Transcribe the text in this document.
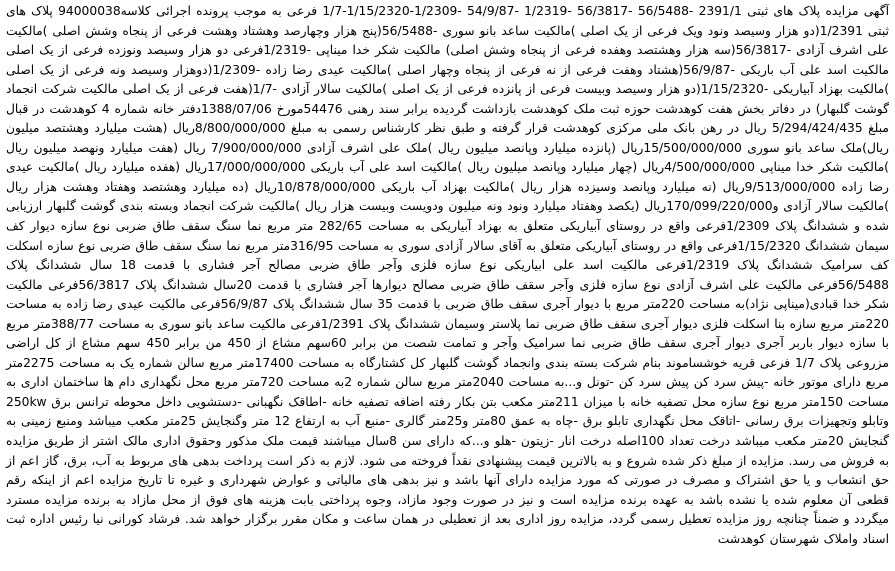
آگهی مزایده پلاک های ثبتی 2391/1 -56/5488 -56/3817 -1/2319 -54/9/87 -1/2309-1/15/2320-1/7 فرعی به موجب پرونده اجرائی کلاسه94000038 پلاک های ثبتی 1/2391(دو هزار وسیصد ونود ویک فرعی از یک اصلی )مالکیت ساعد بانو سوری -56/5488(پنج هزار وچهارصد وهشتاد وهشت فرعی از پنجاه وشش اصلی )مالکیت علی اشرف آزادی -56/3817(سه هزار وهشتصد وهفده فرعی از پنجاه وشش اصلی) مالکیت شکر خدا میناپی -1/2319فرعی دو هزار وسیصد ونوزده فرعی از یک اصلی مالکیت اسد علی آب باریکی -56/9/87(هشتاد وهفت فرعی از نه فرعی از پنجاه وچهار اصلی )مالکیت عیدی رضا زاده -1/2309(دوهزار وسیصد ونه فرعی از یک اصلی )مالکیت بهزاد آبیاریکی -1/15/2320(دو هزار وسیصد وبیست فرعی از پانزده فرعی از یک اصلی )مالکیت سالار آزادی -1/7(هفت فرعی از یک اصلی مالکیت شرکت انجماد گوشت گلبهار) در دفاتر بخش هفت کوهدشت حوزه ثبت ملک کوهدشت بازداشت گردیده برابر سند رهنی 54476مورخ 1388/07/06دفتر خانه شماره 4 کوهدشت در قبال مبلغ 5/294/424/435 ریال در رهن بانک ملی مرکزی کوهدشت قرار گرفته و طبق نظر کارشناس رسمی به مبلغ 8/800/000/000ریال (هشت میلیارد وهشتصد میلیون ریال)ملک ساعد بانو سوری 15/500/000/000ریال (پانزده میلیارد وپانصد میلیون ریال )ملک علی اشرف آزادی 7/900/000/000 ریال (هفت میلیارد ونهصد میلیون ریال )مالکیت شکر خدا میناپی 4/500/000/000ریال (چهار میلیارد وپانصد میلیون ریال )مالکیت اسد علی آب باریکی 17/000/000/000ریال (هفده میلیارد ریال )مالکیت عیدی رضا زاده 9/513/000/000ریال (نه میلیارد وپانصد وسیزده هزار ریال )مالکیت بهزاد آب باریکی 10/878/000/000ریال (ده میلیارد وهشتصد وهفتاد وهشت هزار ریال )مالکیت سالار آزادی و170/099/220/000ریال (یکصد وهفتاد میلیارد ونود ونه میلیون ودویست وبیست هزار ریال )مالکیت شرکت انجماد وبسته بندی گوشت گلبهار ارزیابی شده و ششدانگ پلاک 1/2309فرعی واقع در روستای آبیاریکی متعلق به بهزاد آبیاریکی به مساحت 282/65 متر مربع نما سنگ سقف طاق ضربی نوع سازه دیوار کف سیمان ششدانگ 1/15/2320فرعی واقع در روستای آبیاریکی متعلق به آقای سالار آزادی سوری به مساحت 316/95متر مربع نما سنگ سقف طاق ضربی نوع سازه اسکلت کف سرامیک ششدانگ پلاک 1/2319فرعی مالکیت اسد علی ابیاریکی نوع سازه فلزی وآجر طاق ضربی مصالح آجر فشاری با قدمت 18 سال ششدانگ پلاک 56/5488فرعی مالکیت علی اشرف آزادی نوع سازه فلزی وآجر سقف طاق ضربی مصالح دیوارها آجر فشاری با قدمت 20سال ششدانگ پلاک 56/3817فرعی مالکیت شکر خدا قبادی(میناپی نژاد)به مساحت 220متر مربع با دیوار آجری سقف طاق ضربی با قدمت 35 سال ششدانگ پلاک 56/9/87فرعی مالکیت عیدی رضا زاده به مساحت 220متر مربع سازه بنا اسکلت فلزی دیوار آجری سقف طاق ضربی نما پلاستر وسیمان ششدانگ پلاک 1/2391فرعی مالکیت ساعد بانو سوری به مساحت 388/77متر مربع با سازه دیوار باربر آجری دیوار آجری سقف طاق ضربی نما سرامیک وآجر و تمامت شصت من برابر 60سهم مشاع از 450 من برابر 450 سهم مشاع از کل اراضی مزروعی پلاک 1/7 فرعی قریه خوشساموند بنام شرکت بسته بندی وانجماد گوشت گلبهار کل کشتارگاه به مساحت 17400متر مربع سالن شماره یک به مساحت 2275متر مربع دارای موتور خانه -پیش سرد کن پیش سرد کن -تونل و...به مساحت 2040متر مربع سالن شماره 2به مساحت 720متر مربع محل نگهداری دام ها ساختمان اداری به مساحت 150متر مربع نوع سازه محل تصفیه خانه با میزان 211متر مکعب بتن بکار رفته اضافه تصفیه خانه -اطاقک نگهبانی -دستشویی داخل محوطه ترانس برق 250kw وتابلو وتجهیزات برق رسانی -اتاقک محل نگهداری تابلو برق -چاه به عمق 80متر و25متر گالری -منبع آب به ارتفاع 12 متر وگنجایش 25متر مکعب میباشد ومنبع زمینی به گنجایش 20متر مکعب میباشد درخت تعداد 100اصله درخت انار -زیتون -هلو و...که دارای سن 8سال میباشند قیمت ملک مذکور وحقوق اداری مالک اشتر از طریق مزایده به فروش می رسد. مزایده از مبلغ ذکر شده شروع و به بالاترین قیمت پیشنهادی نقداً فروخته می شود. لازم به ذکر است پرداخت بدهی های مربوط به آب، برق، گاز اعم از حق انشعاب و یا حق اشتراک و مصرف در صورتی که مورد مزایده دارای آنها باشد و نیز بدهی های مالیاتی و عوارض شهرداری و غیره تا تاریخ مزایده اعم از اینکه رقم قطعی آن معلوم شده یا نشده باشد به عهده برنده مزایده است و نیز در صورت وجود مازاد، وجوه پرداختی بابت هزینه های فوق از محل مازاد به برنده مزایده مسترد میگردد و ضمناً چنانچه روز مزایده تعطیل رسمی گردد، مزایده روز اداری بعد از تعطیلی در همان ساعت و مکان مقرر برگزار خواهد شد. فرشاد کورانی نیا رئیس اداره ثبت اسناد واملاک شهرستان کوهدشت
